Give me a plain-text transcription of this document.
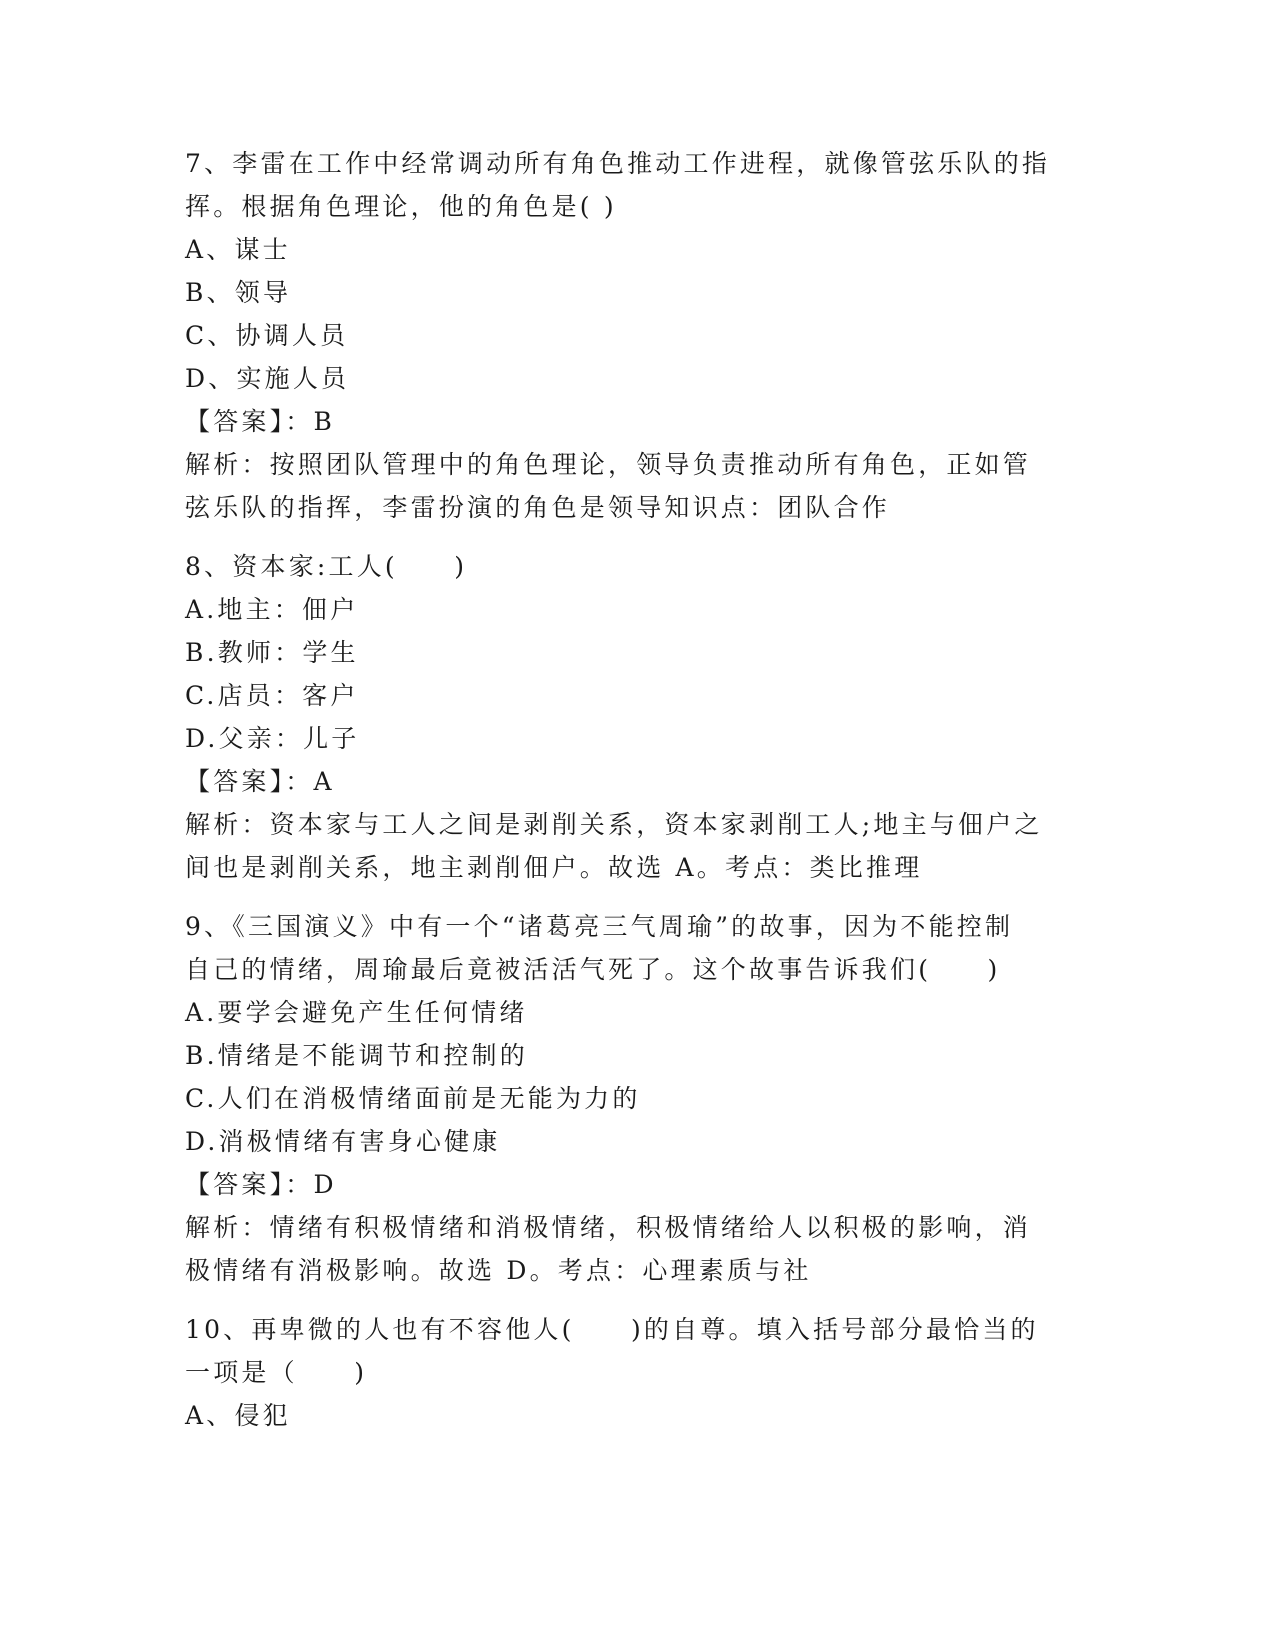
7、李雷在工作中经常调动所有角色推动工作进程，就像管弦乐队的指

挥。根据角色理论，他的角色是( )

A、谋士

B、领导

C、协调人员

D、实施人员

【答案】：B

解析：按照团队管理中的角色理论，领导负责推动所有角色，正如管

弦乐队的指挥，李雷扮演的角色是领导知识点：团队合作

8、资本家:工人(　　)

A.地主：佃户

B.教师：学生

C.店员：客户

D.父亲：儿子

【答案】：A

解析：资本家与工人之间是剥削关系，资本家剥削工人;地主与佃户之

间也是剥削关系，地主剥削佃户。故选 A。考点：类比推理

9、《三国演义》中有一个“诸葛亮三气周瑜”的故事，因为不能控制

自己的情绪，周瑜最后竟被活活气死了。这个故事告诉我们(　　)

A.要学会避免产生任何情绪

B.情绪是不能调节和控制的

C.人们在消极情绪面前是无能为力的

D.消极情绪有害身心健康

【答案】：D

解析：情绪有积极情绪和消极情绪，积极情绪给人以积极的影响，消

极情绪有消极影响。故选 D。考点：心理素质与社

10、再卑微的人也有不容他人(　　)的自尊。填入括号部分最恰当的

一项是（　　)

A、侵犯
